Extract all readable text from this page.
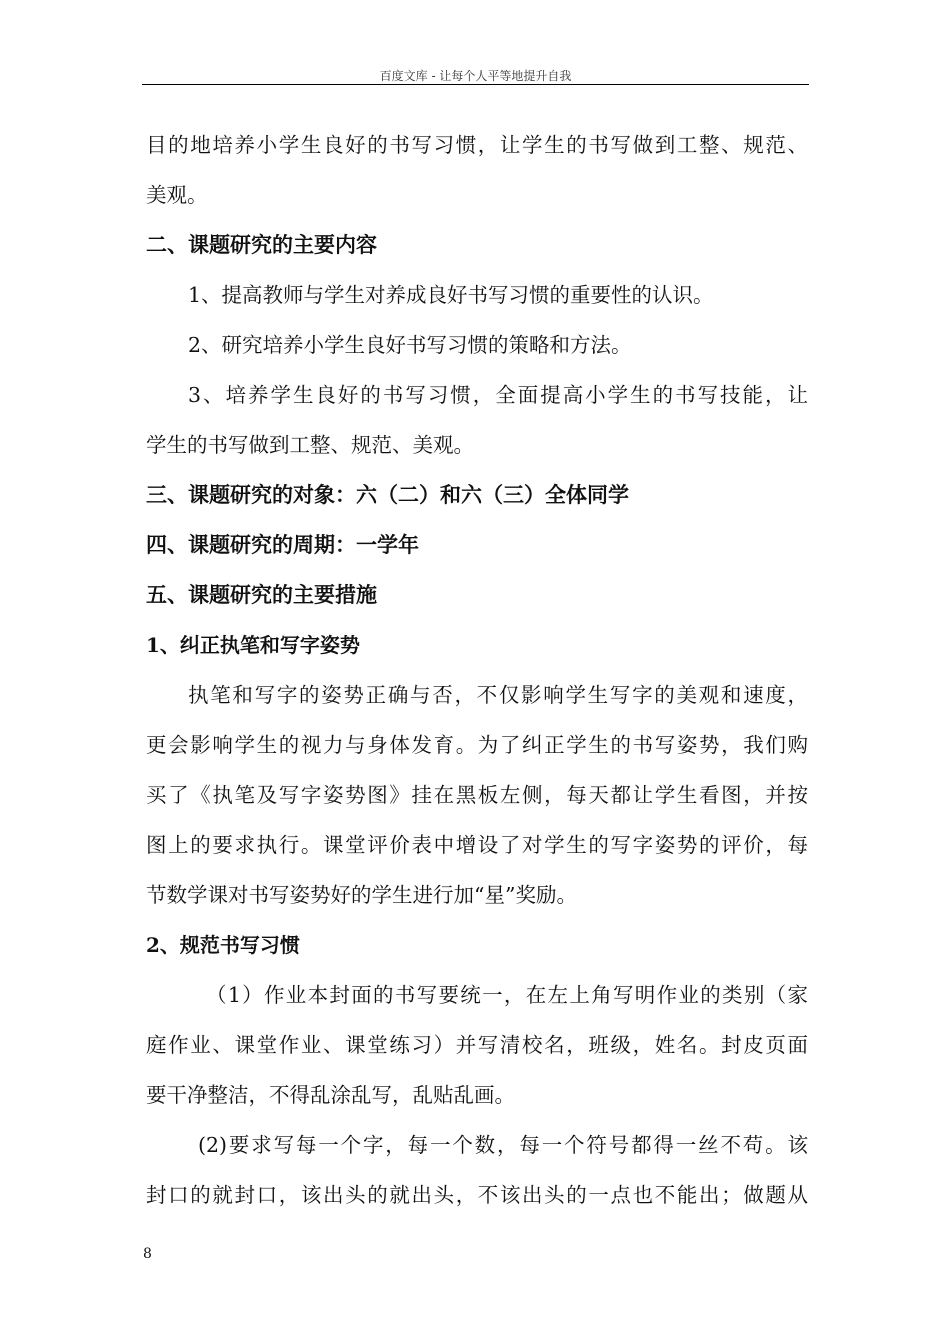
百度文库 - 让每个人平等地提升自我
目的地培养小学生良好的书写习惯，让学生的书写做到工整、规范、
美观。
二、课题研究的主要内容
1、提高教师与学生对养成良好书写习惯的重要性的认识。
2、研究培养小学生良好书写习惯的策略和方法。
3、培养学生良好的书写习惯，全面提高小学生的书写技能，让
学生的书写做到工整、规范、美观。
三、课题研究的对象：六（二）和六（三）全体同学
四、课题研究的周期：一学年
五、课题研究的主要措施
1、纠正执笔和写字姿势
执笔和写字的姿势正确与否，不仅影响学生写字的美观和速度，
更会影响学生的视力与身体发育。为了纠正学生的书写姿势，我们购
买了《执笔及写字姿势图》挂在黑板左侧，每天都让学生看图，并按
图上的要求执行。课堂评价表中增设了对学生的写字姿势的评价，每
节数学课对书写姿势好的学生进行加“星”奖励。
2、规范书写习惯
（1）作业本封面的书写要统一，在左上角写明作业的类别（家
庭作业、课堂作业、课堂练习）并写清校名，班级，姓名。封皮页面
要干净整洁，不得乱涂乱写，乱贴乱画。
(2)要求写每一个字，每一个数，每一个符号都得一丝不苟。该
封口的就封口，该出头的就出头，不该出头的一点也不能出；做题从
8
